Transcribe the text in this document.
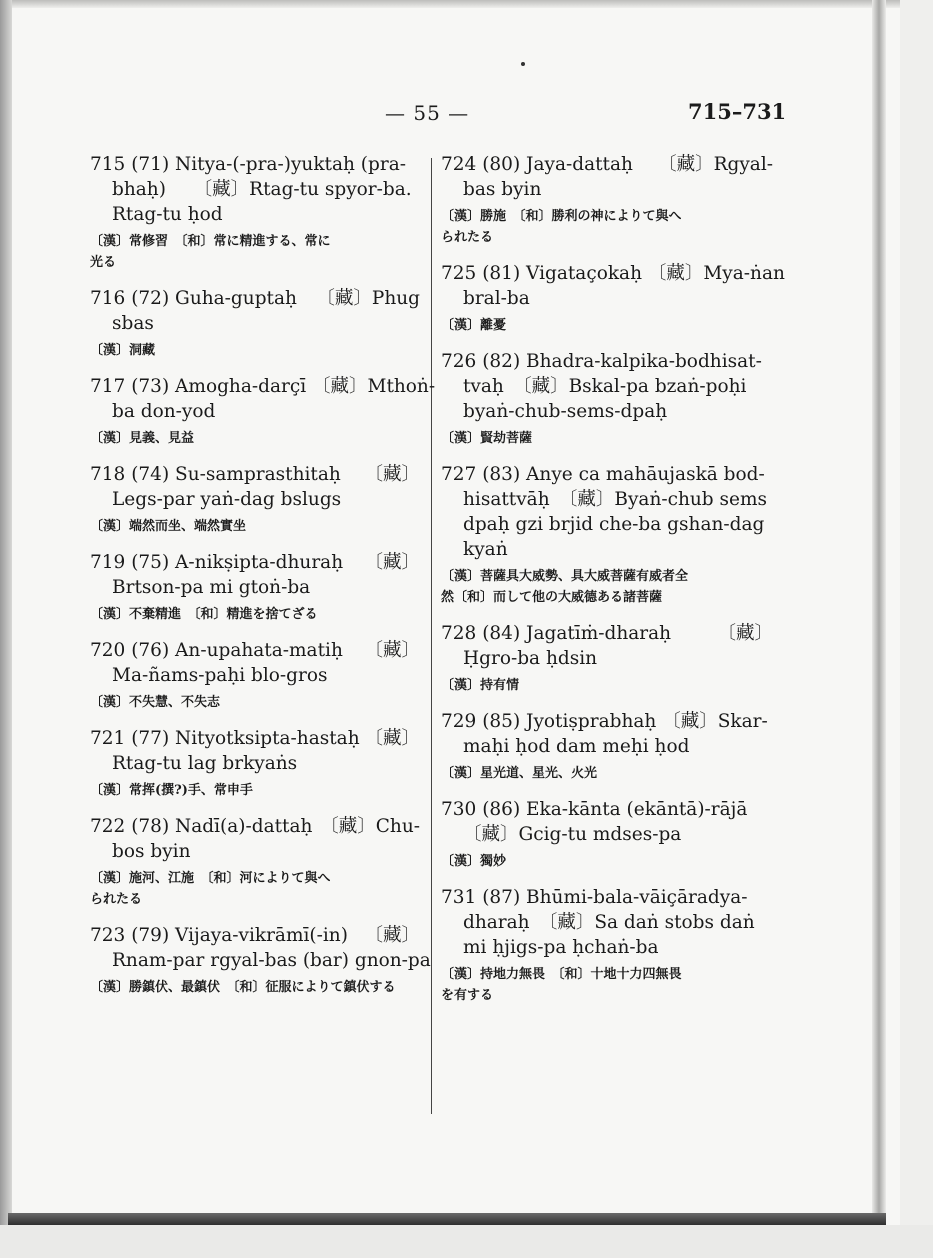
— 55 —	715–731
715 (71) Nitya-(-pra-)yuktaḥ (pra-
bhaḥ)　　〔藏〕Rtag-tu spyor-ba.
Rtag-tu ḥod
〔漢〕常修習　〔和〕常に精進する、常に
光る
716 (72) Guha-guptaḥ 〔藏〕Phug
sbas
〔漢〕洞藏
717 (73) Amogha-darçī 〔藏〕Mthoṅ-
ba don-yod
〔漢〕見義、見益
718 (74) Su-samprasthitaḥ 〔藏〕
Legs-par yaṅ-dag bslugs
〔漢〕端然而坐、端然實坐
719 (75) A-nikṣipta-dhuraḥ 〔藏〕
Brtson-pa mi gtoṅ-ba
〔漢〕不棄精進　〔和〕精進を捨てざる
720 (76) An-upahata-matiḥ 〔藏〕
Ma-ñams-paḥi blo-gros
〔漢〕不失慧、不失志
721 (77) Nityotksipta-hastaḥ 〔藏〕
Rtag-tu lag brkyaṅs
〔漢〕常挥(撰?)手、常申手
722 (78) Nadī(a)-dattaḥ 〔藏〕Chu-
bos byin
〔漢〕施河、江施　〔和〕河によりて與へ
られたる
723 (79) Vijaya-vikrāmī(-in) 〔藏〕
Rnam-par rgyal-bas (bar) gnon-pa
〔漢〕勝鎮伏、最鎮伏　〔和〕征服によりて鎮伏する
724 (80) Jaya-dattaḥ 〔藏〕Rgyal-
bas byin
〔漢〕勝施　〔和〕勝利の神によりて與へ
られたる
725 (81) Vigataçokaḥ 〔藏〕Mya-ṅan
bral-ba
〔漢〕離憂
726 (82) Bhadra-kalpika-bodhisat-
tvaḥ　〔藏〕Bskal-pa bzaṅ-poḥi
byaṅ-chub-sems-dpaḥ
〔漢〕賢劫菩薩
727 (83) Anye ca mahāujaskā bod-
hisattvāḥ　〔藏〕Byaṅ-chub sems
dpaḥ gzi brjid che-ba gshan-dag
kyaṅ
〔漢〕菩薩具大威勢、具大威菩薩有威者全
然〔和〕而して他の大威德ある諸菩薩
728 (84) Jagatīṁ-dharaḥ	〔藏〕
Ḥgro-ba ḥdsin
〔漢〕持有情
729 (85) Jyotiṣprabhaḥ 〔藏〕Skar-
maḥi ḥod dam meḥi ḥod
〔漢〕星光道、星光、火光
730 (86) Eka-kānta (ekāntā)-rājā
〔藏〕Gcig-tu mdses-pa
〔漢〕獨妙
731 (87) Bhūmi-bala-vāiçāradya-
dharaḥ　〔藏〕Sa daṅ stobs daṅ
mi ḥjigs-pa ḥchaṅ-ba
〔漢〕持地力無畏　〔和〕十地十力四無畏
を有する
